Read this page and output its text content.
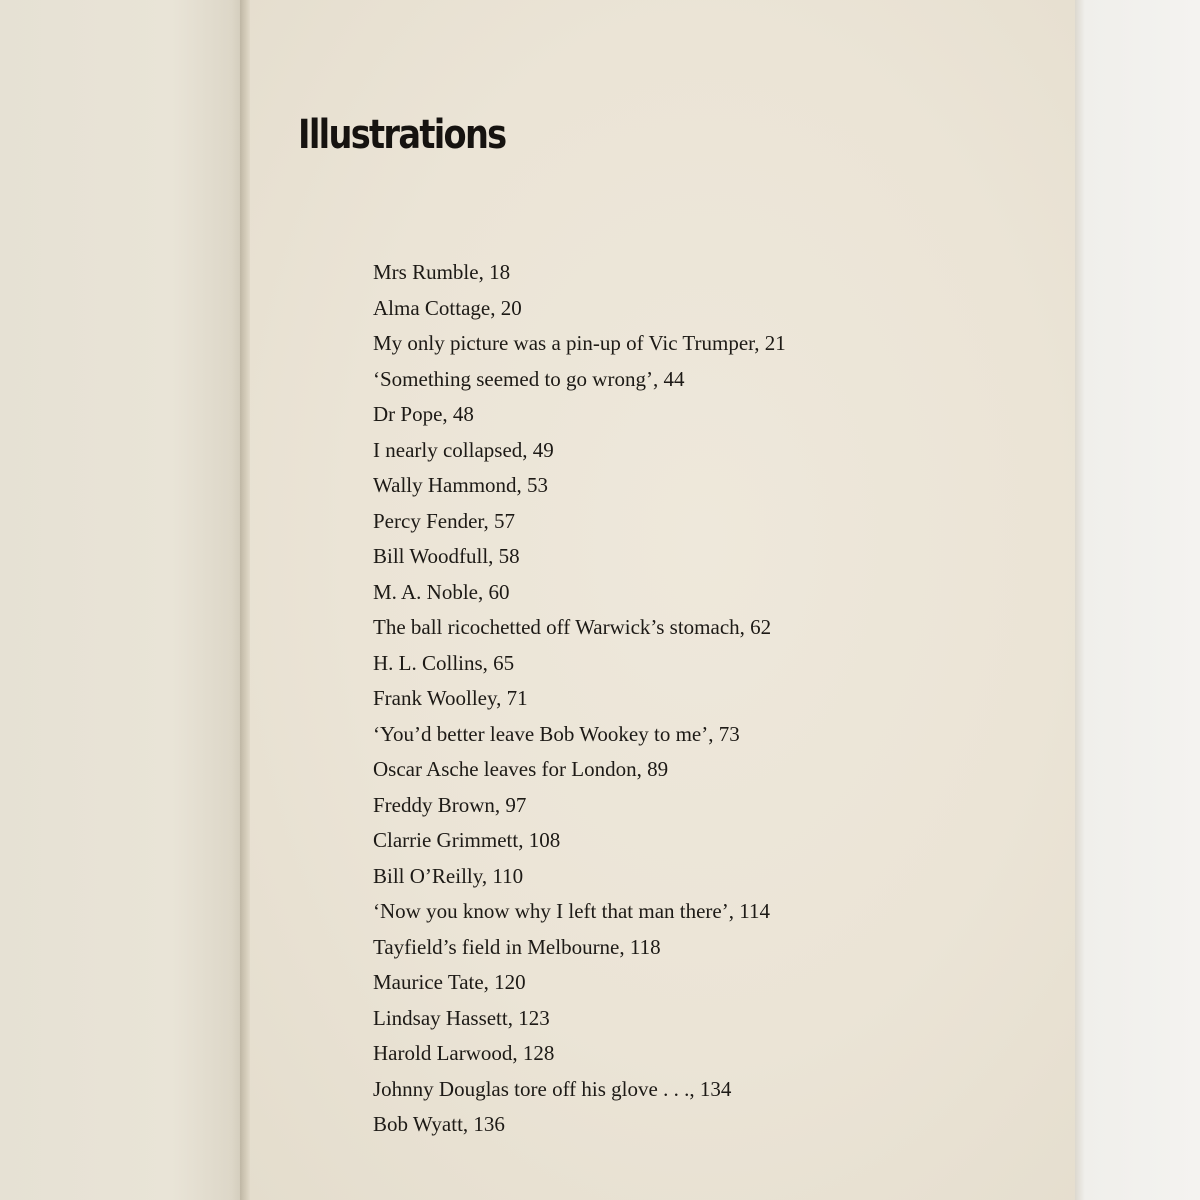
Illustrations
Mrs Rumble, 18
Alma Cottage, 20
My only picture was a pin-up of Vic Trumper, 21
‘Something seemed to go wrong’, 44
Dr Pope, 48
I nearly collapsed, 49
Wally Hammond, 53
Percy Fender, 57
Bill Woodfull, 58
M. A. Noble, 60
The ball ricochetted off Warwick’s stomach, 62
H. L. Collins, 65
Frank Woolley, 71
‘You’d better leave Bob Wookey to me’, 73
Oscar Asche leaves for London, 89
Freddy Brown, 97
Clarrie Grimmett, 108
Bill O’Reilly, 110
‘Now you know why I left that man there’, 114
Tayfield’s field in Melbourne, 118
Maurice Tate, 120
Lindsay Hassett, 123
Harold Larwood, 128
Johnny Douglas tore off his glove . . ., 134
Bob Wyatt, 136
